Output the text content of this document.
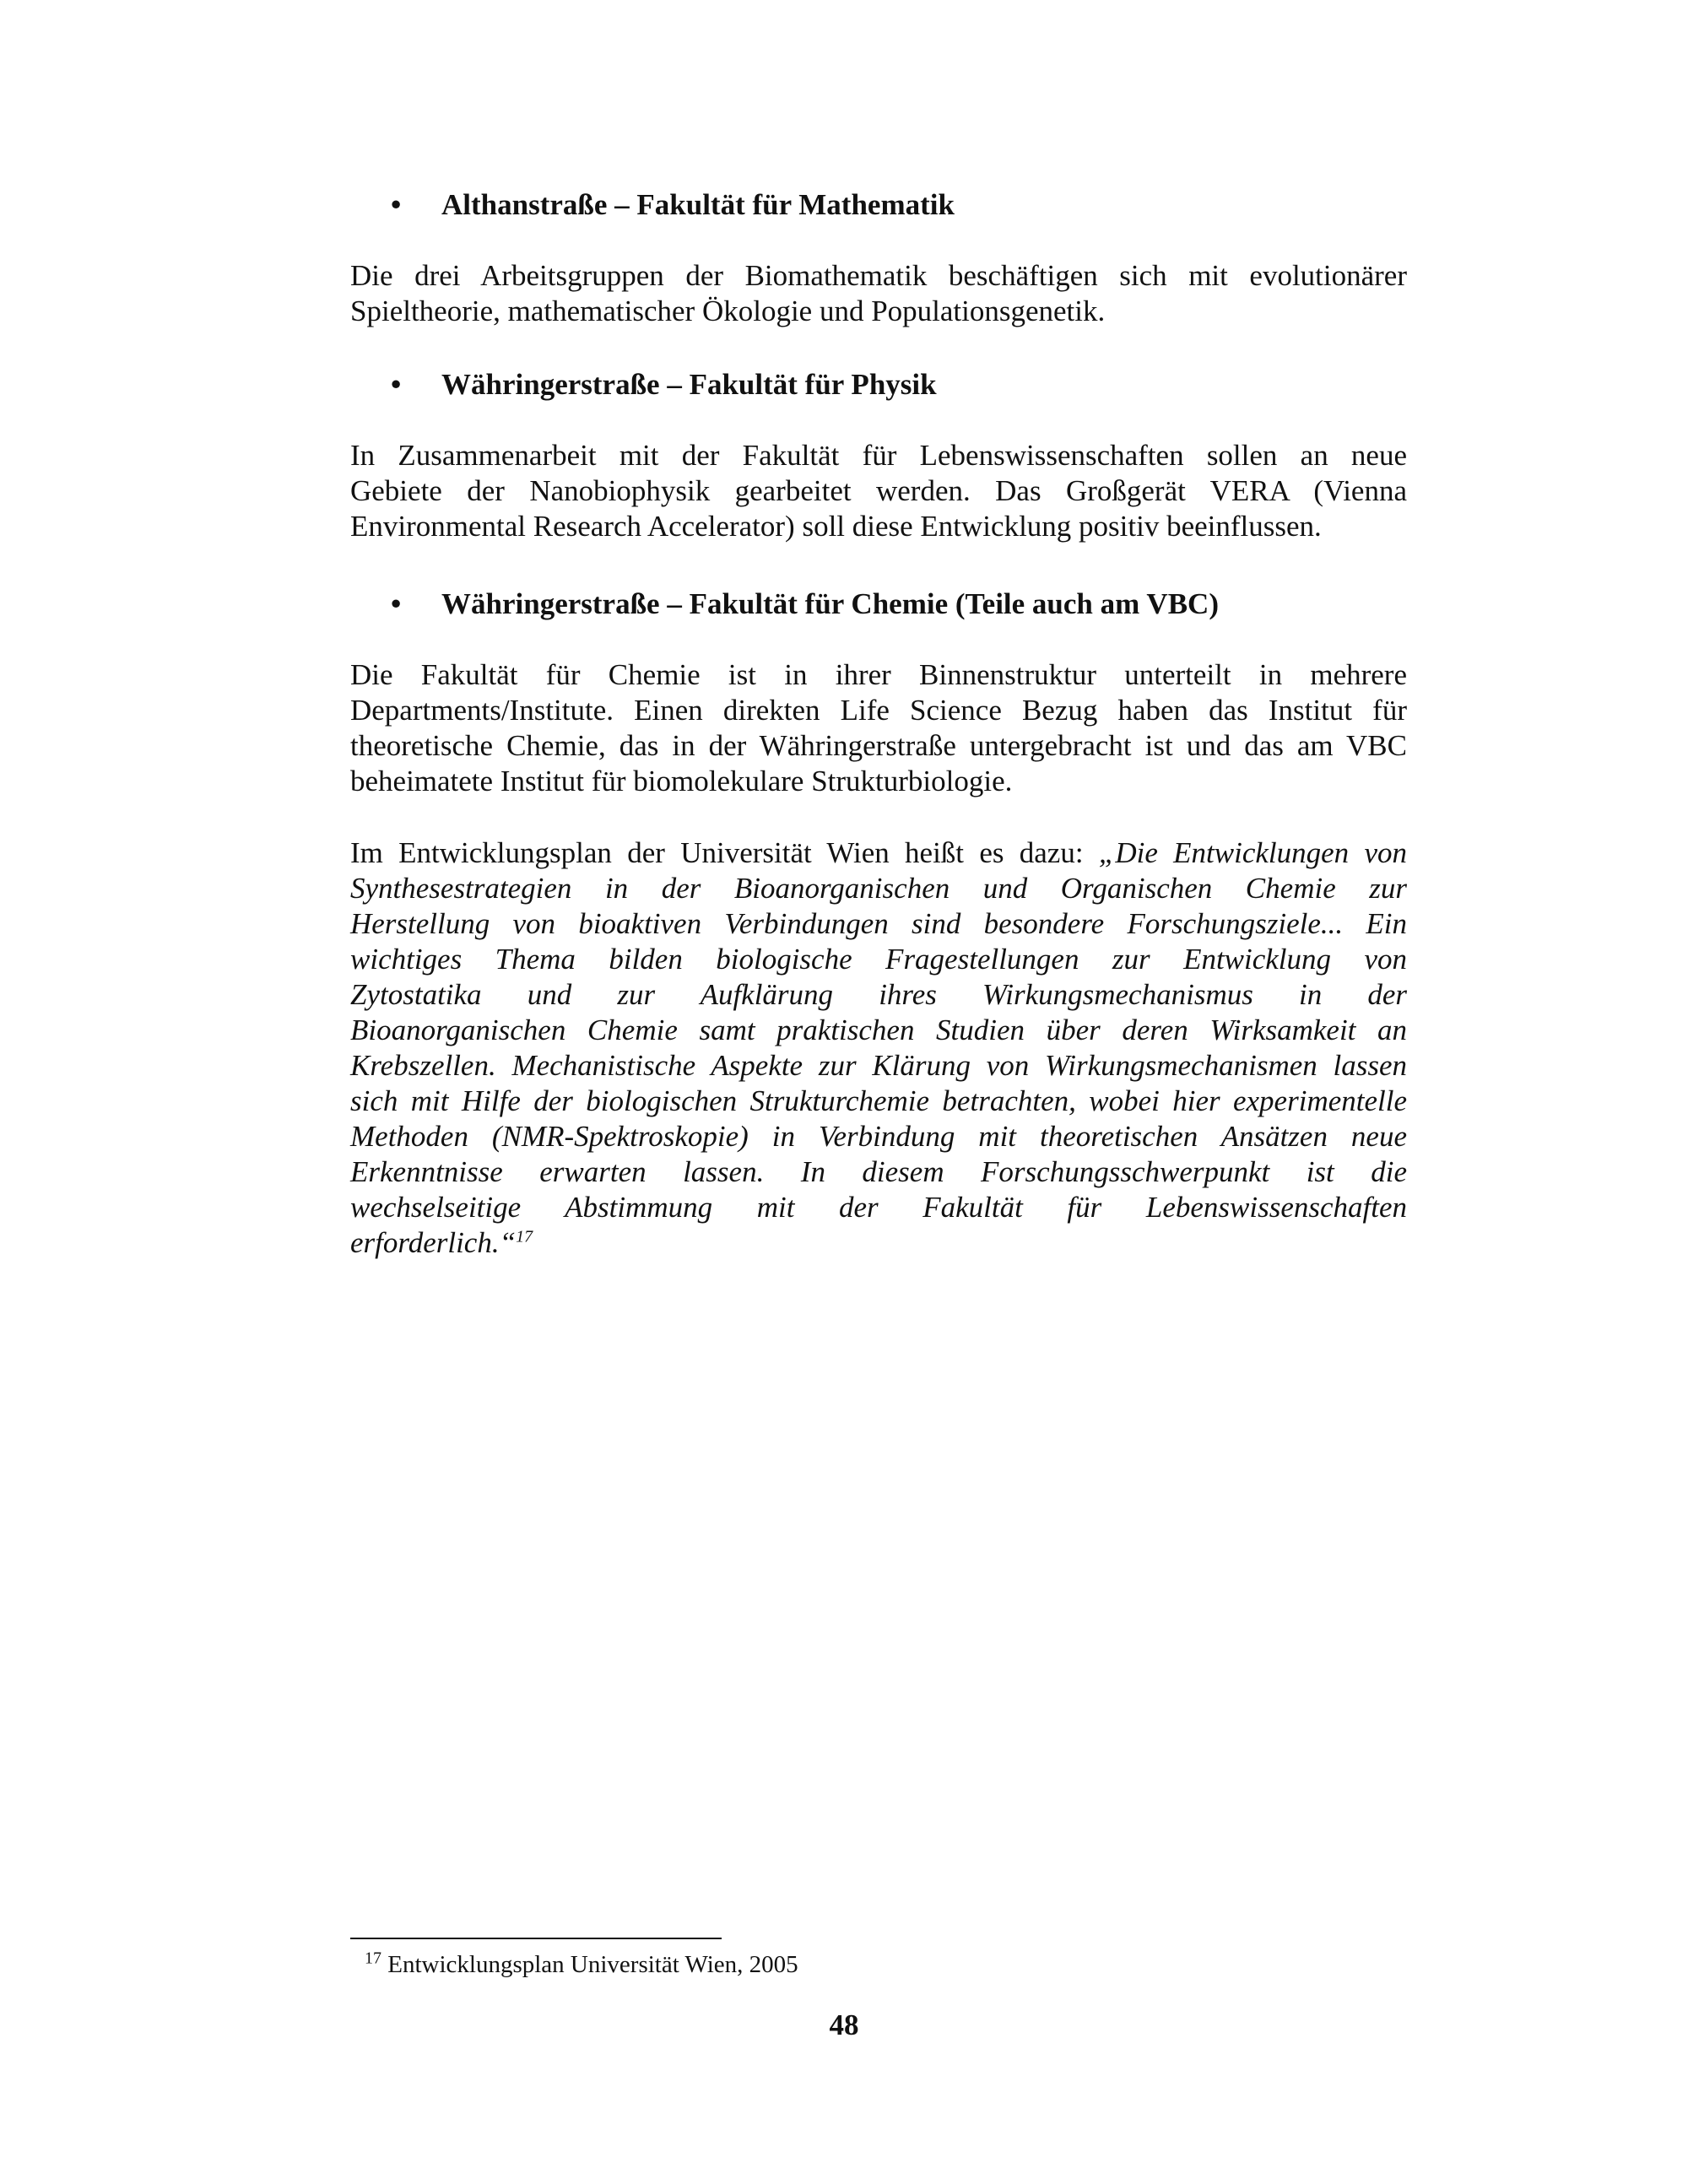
• Althanstraße – Fakultät für Mathematik
Die drei Arbeitsgruppen der Biomathematik beschäftigen sich mit evolutionärer
Spieltheorie, mathematischer Ökologie und Populationsgenetik.
• Währingerstraße – Fakultät für Physik
In Zusammenarbeit mit der Fakultät für Lebenswissenschaften sollen an neue
Gebiete der Nanobiophysik gearbeitet werden. Das Großgerät VERA (Vienna
Environmental Research Accelerator) soll diese Entwicklung positiv beeinflussen.
• Währingerstraße – Fakultät für Chemie (Teile auch am VBC)
Die Fakultät für Chemie ist in ihrer Binnenstruktur unterteilt in mehrere
Departments/Institute. Einen direkten Life Science Bezug haben das Institut für
theoretische Chemie, das in der Währingerstraße untergebracht ist und das am VBC
beheimatete Institut für biomolekulare Strukturbiologie.
Im Entwicklungsplan der Universität Wien heißt es dazu: „Die Entwicklungen von
Synthesestrategien in der Bioanorganischen und Organischen Chemie zur
Herstellung von bioaktiven Verbindungen sind besondere Forschungsziele... Ein
wichtiges Thema bilden biologische Fragestellungen zur Entwicklung von
Zytostatika und zur Aufklärung ihres Wirkungsmechanismus in der
Bioanorganischen Chemie samt praktischen Studien über deren Wirksamkeit an
Krebszellen. Mechanistische Aspekte zur Klärung von Wirkungsmechanismen lassen
sich mit Hilfe der biologischen Strukturchemie betrachten, wobei hier experimentelle
Methoden (NMR-Spektroskopie) in Verbindung mit theoretischen Ansätzen neue
Erkenntnisse erwarten lassen. In diesem Forschungsschwerpunkt ist die
wechselseitige Abstimmung mit der Fakultät für Lebenswissenschaften
erforderlich.“$^{17}$
$^{17}$ Entwicklungsplan Universität Wien, 2005
48
